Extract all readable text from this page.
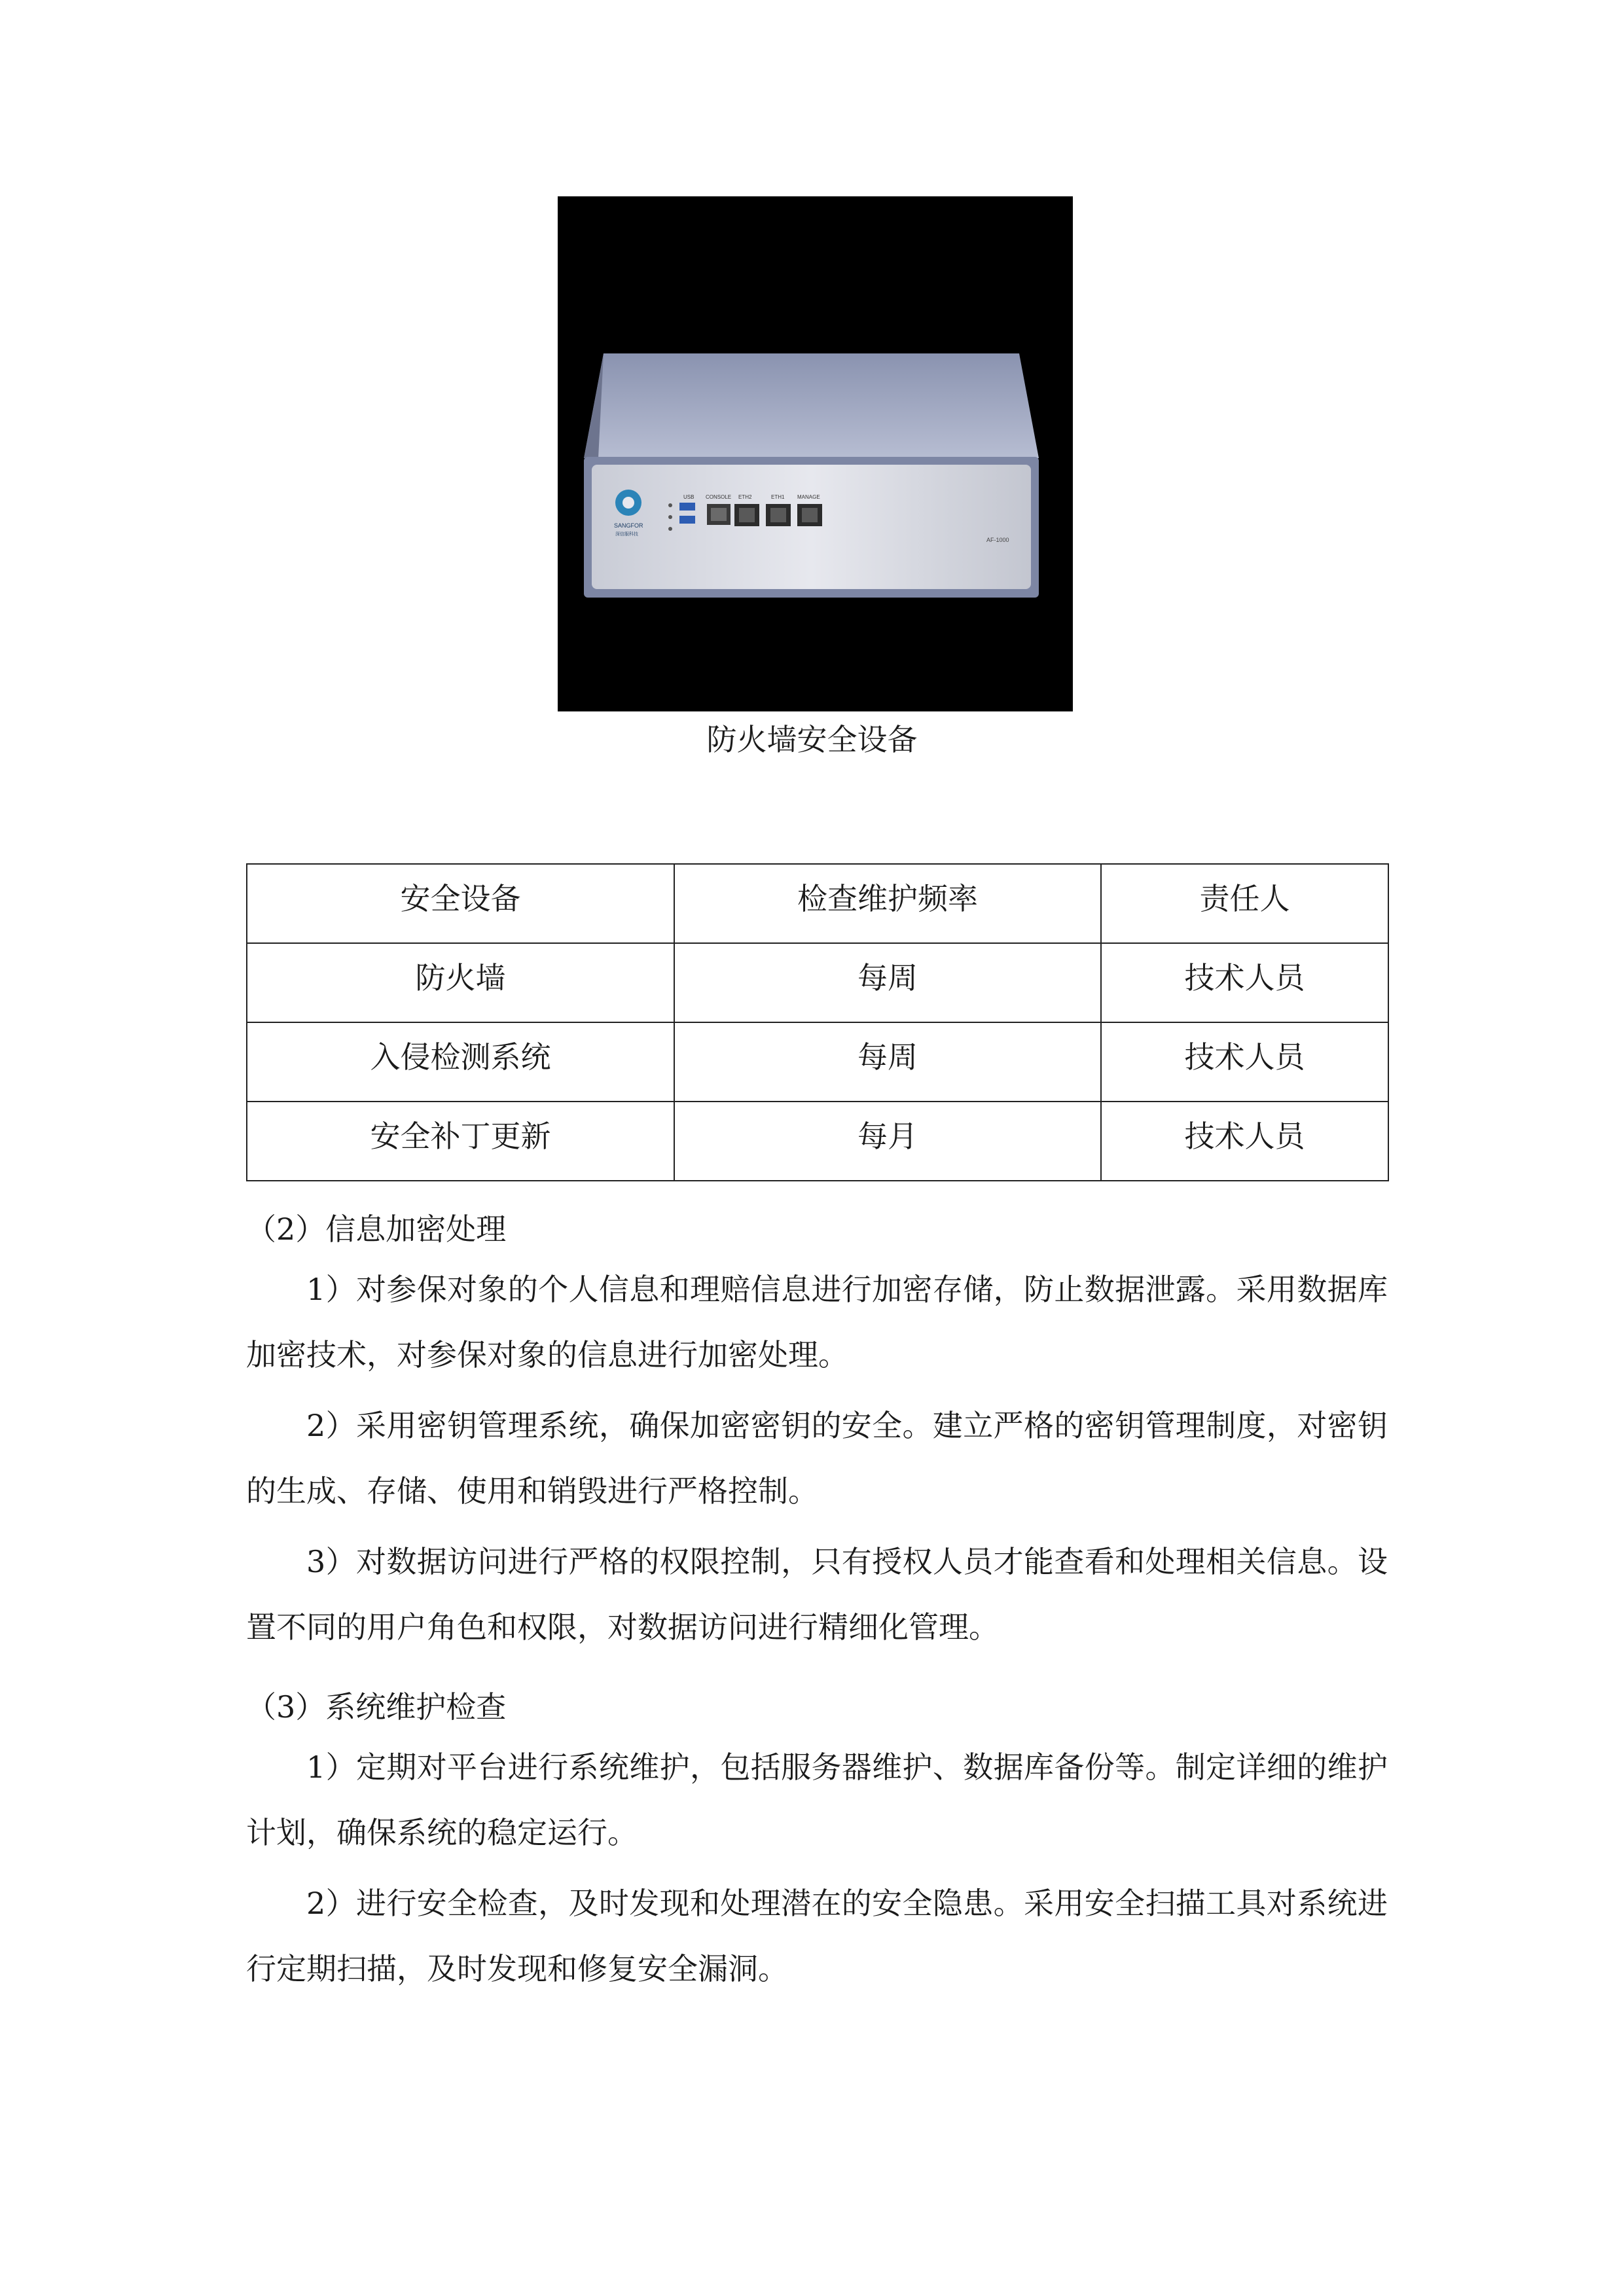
SANGFOR
深信服科技
USB CONSOLE ETH2	ETH1 MANAGE
AF-1000
防火墙安全设备
安全设备	检查维护频率	责任人
防火墙	每周	技术人员
入侵检测系统	每周	技术人员
安全补丁更新	每月	技术人员
（2）信息加密处理
1）对参保对象的个人信息和理赔信息进行加密存储，防止数据泄露。采用数据库加密技术，对参保对象的信息进行加密处理。
2）采用密钥管理系统，确保加密密钥的安全。建立严格的密钥管理制度，对密钥的生成、存储、使用和销毁进行严格控制。
3）对数据访问进行严格的权限控制，只有授权人员才能查看和处理相关信息。设置不同的用户角色和权限，对数据访问进行精细化管理。
（3）系统维护检查
1）定期对平台进行系统维护，包括服务器维护、数据库备份等。制定详细的维护计划，确保系统的稳定运行。
2）进行安全检查，及时发现和处理潜在的安全隐患。采用安全扫描工具对系统进行定期扫描，及时发现和修复安全漏洞。
